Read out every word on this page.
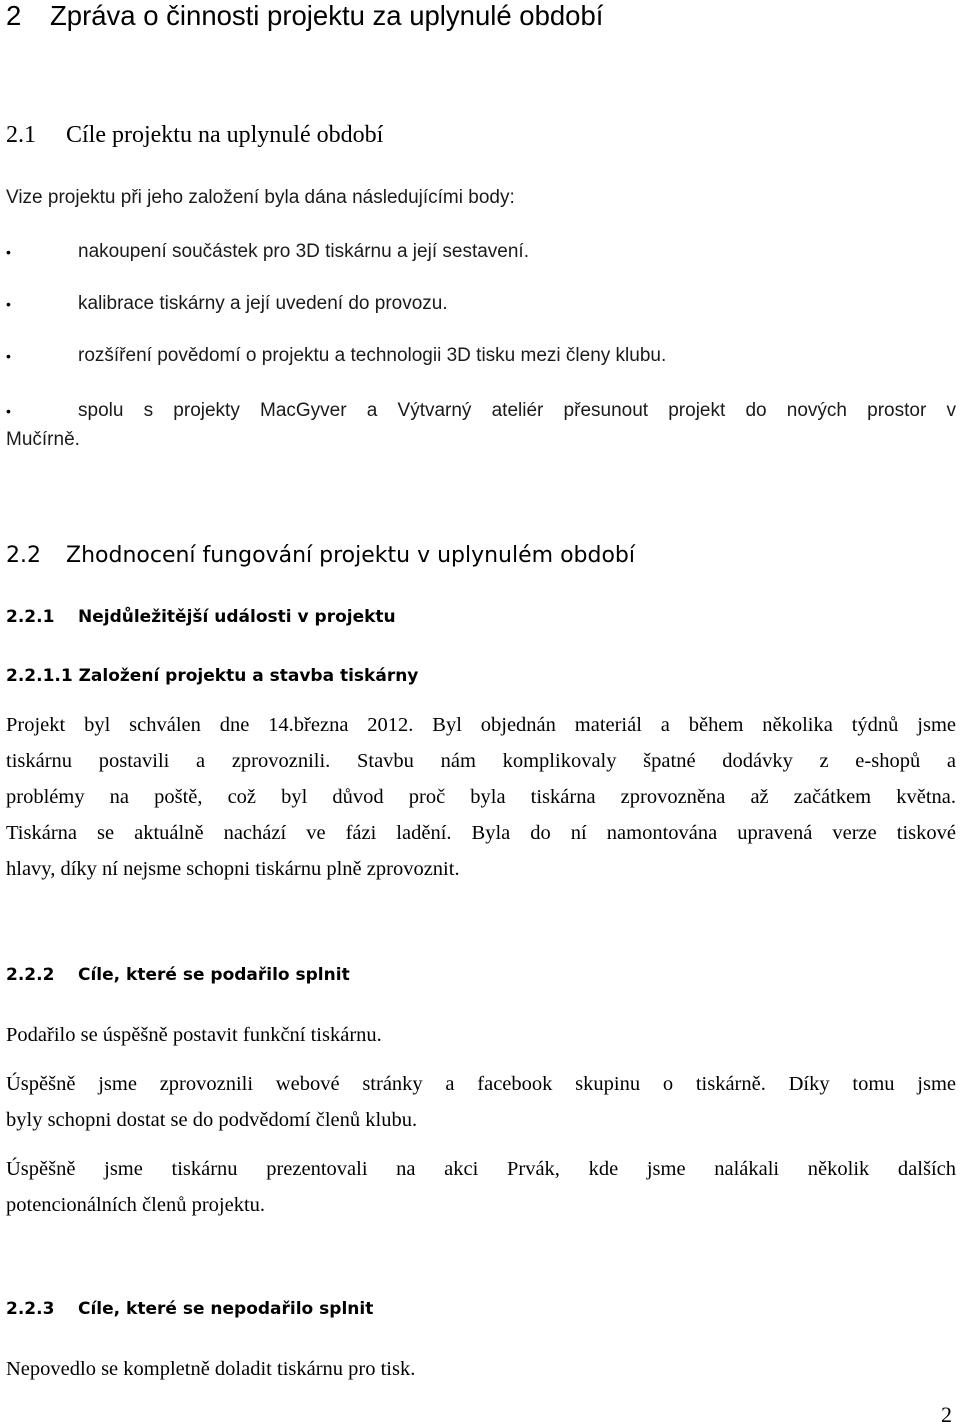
2 Zpráva o činnosti projektu za uplynulé období
2.1 Cíle projektu na uplynulé období

Vize projektu při jeho založení byla dána následujícími body:

•	nakoupení součástek pro 3D tiskárnu a její sestavení.

•	kalibrace tiskárny a její uvedení do provozu.

•	rozšíření povědomí o projektu a technologii 3D tisku mezi členy klubu.

•	spolu s projekty MacGyver a Výtvarný ateliér přesunout projekt do nových prostor v

Mučírně.

2.2 Zhodnocení fungování projektu v uplynulém období
2.2.1 Nejdůležitější události v projektu
2.2.1.1 Založení projektu a stavba tiskárny
Projekt byl schválen dne 14.března 2012. Byl objednán materiál a během několika týdnů jsme
tiskárnu postavili a zprovoznili. Stavbu nám komplikovaly špatné dodávky z e-shopů a
problémy na poště, což byl důvod proč byla tiskárna zprovozněna až začátkem května.
Tiskárna se aktuálně nachází ve fázi ladění. Byla do ní namontována upravená verze tiskové
hlavy, díky ní nejsme schopni tiskárnu plně zprovoznit.
2.2.2 Cíle, které se podařilo splnit
Podařilo se úspěšně postavit funkční tiskárnu.
Úspěšně jsme zprovoznili webové stránky a facebook skupinu o tiskárně. Díky tomu jsme
byly schopni dostat se do podvědomí členů klubu.
Úspěšně jsme tiskárnu prezentovali na akci Prvák, kde jsme nalákali několik dalších
potencionálních členů projektu.
2.2.3 Cíle, které se nepodařilo splnit
Nepovedlo se kompletně doladit tiskárnu pro tisk.
2
